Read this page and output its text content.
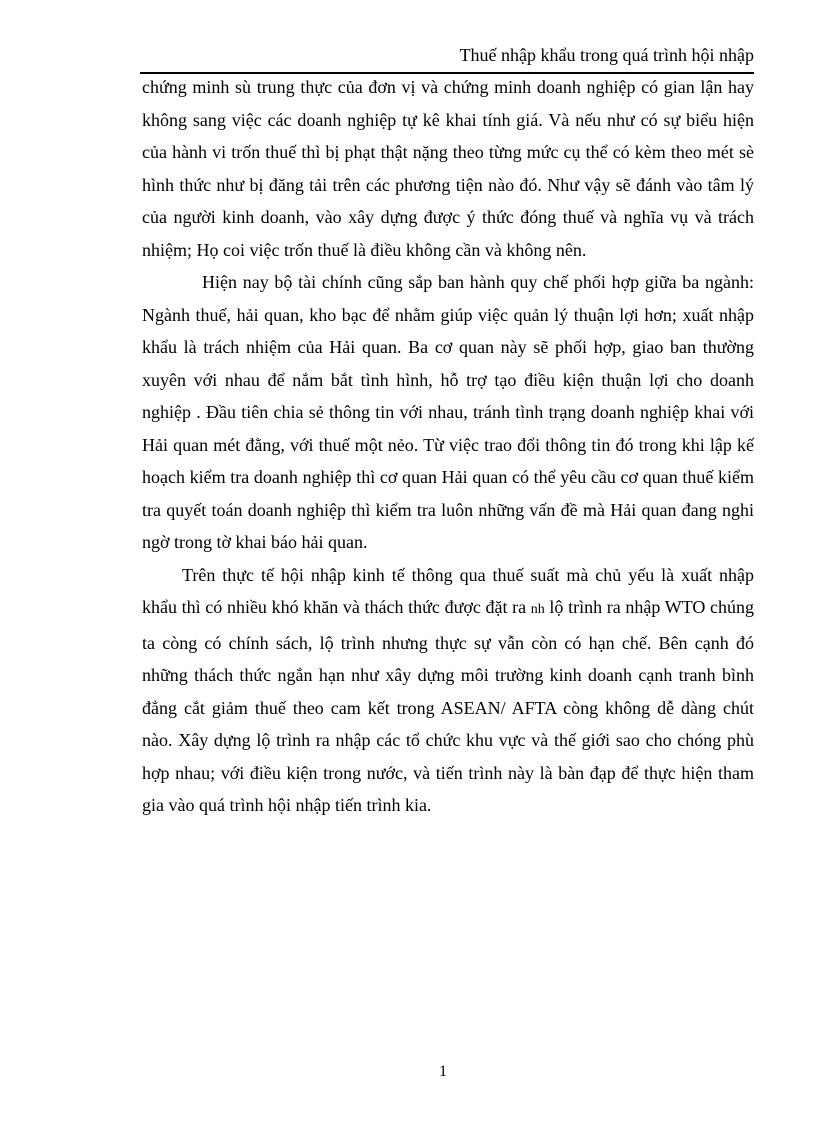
Thuế nhập khẩu trong quá trình hội nhập

chứng minh sù trung thực của đơn vị và chứng minh doanh nghiệp có gian lận hay không sang việc các doanh nghiệp tự kê khai tính giá. Và nếu như có sự biểu hiện của hành vi trốn thuế thì bị phạt thật nặng theo từng mức cụ thể có kèm theo mét sè hình thức như bị đăng tải trên các phương tiện nào đó. Như vậy sẽ đánh vào tâm lý của người kinh doanh, vào xây dựng được ý thức đóng thuế và nghĩa vụ và trách nhiệm; Họ coi việc trốn thuế là điều không cần và không nên.

Hiện nay bộ tài chính cũng sắp ban hành quy chế phối hợp giữa ba ngành: Ngành thuế, hải quan, kho bạc để nhằm giúp việc quản lý thuận lợi hơn; xuất nhập khẩu là trách nhiệm của Hải quan. Ba cơ quan này sẽ phối hợp, giao ban thường xuyên với nhau để nắm bắt tình hình, hỗ trợ tạo điều kiện thuận lợi cho doanh nghiệp . Đầu tiên chia sẻ thông tin với nhau, tránh tình trạng doanh nghiệp khai với Hải quan mét đằng, với thuế một nẻo. Từ việc trao đổi thông tin đó trong khi lập kế hoạch kiểm tra doanh nghiệp thì cơ quan Hải quan có thể yêu cầu cơ quan thuế kiểm tra quyết toán doanh nghiệp thì kiểm tra luôn những vấn đề mà Hải quan đang nghi ngờ trong tờ khai báo hải quan.

Trên thực tế hội nhập kinh tế thông qua thuế suất mà chủ yếu là xuất nhập khẩu thì có nhiều khó khăn và thách thức được đặt ra nh lộ trình ra nhập WTO chúng ta còng có chính sách, lộ trình nhưng thực sự vẫn còn có hạn chế. Bên cạnh đó những thách thức ngắn hạn như xây dựng môi trường kinh doanh cạnh tranh bình đẳng cắt giảm thuế theo cam kết trong ASEAN/ AFTA còng không dễ dàng chút nào. Xây dựng lộ trình ra nhập các tổ chức khu vực và thế giới sao cho chóng phù hợp nhau; với điều kiện trong nước, và tiến trình này là bàn đạp để thực hiện tham gia vào quá trình hội nhập tiến trình kia.

1
